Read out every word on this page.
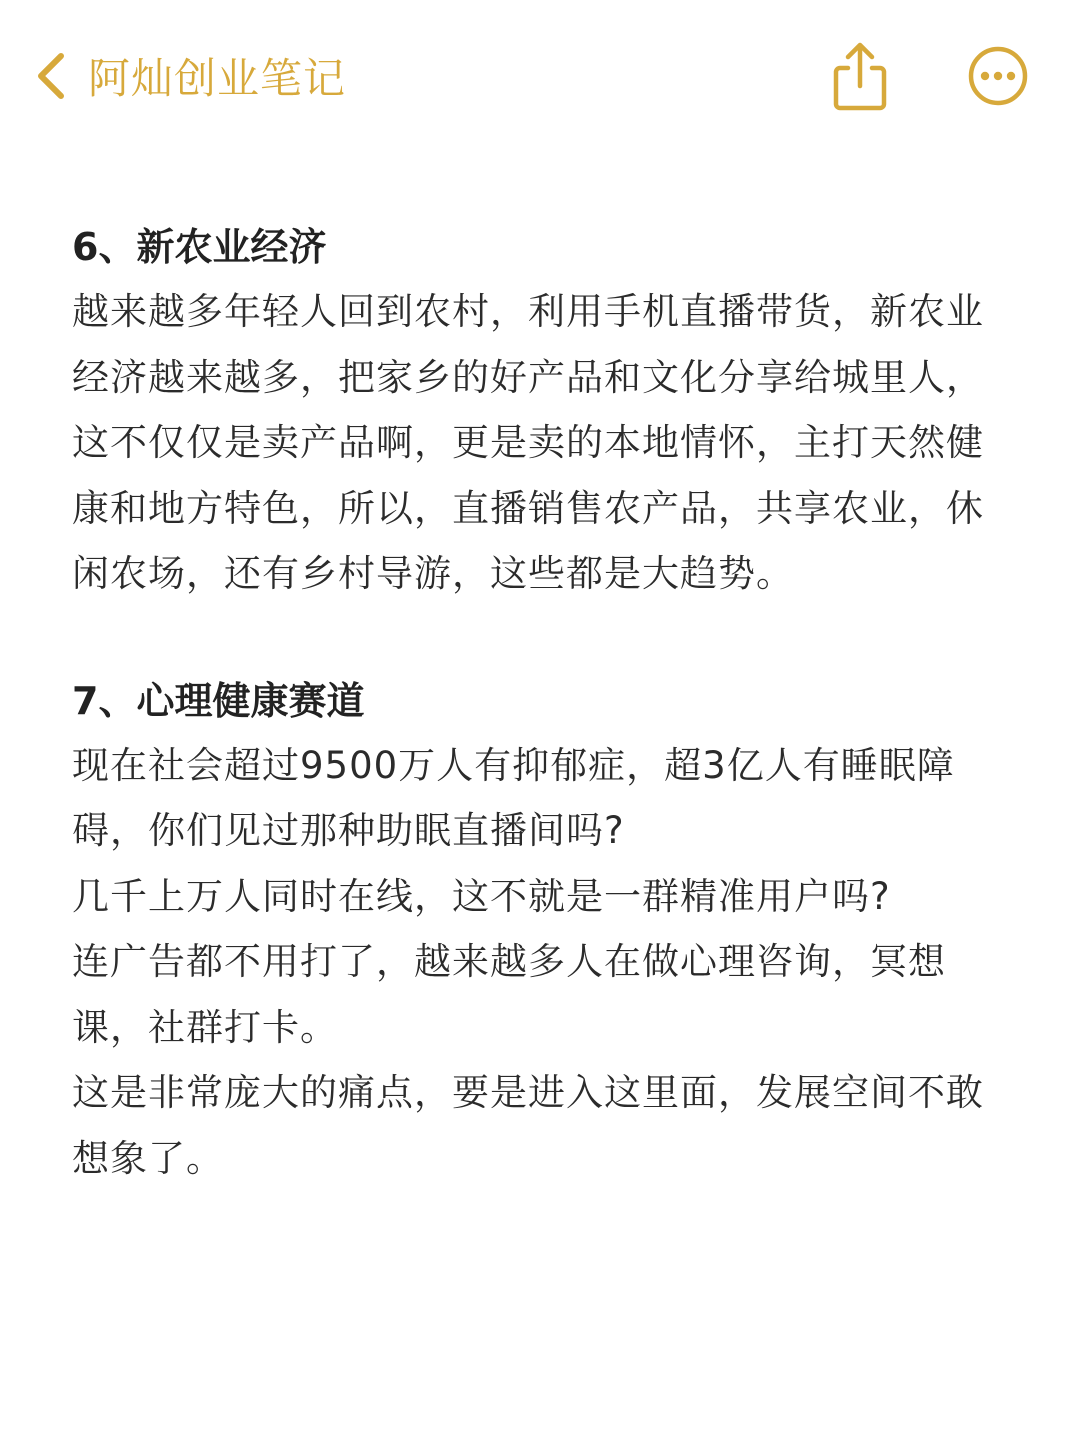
阿灿创业笔记

6、新农业经济

越来越多年轻人回到农村，利用手机直播带货，新农业经济越来越多，把家乡的好产品和文化分享给城里人，这不仅仅是卖产品啊，更是卖的本地情怀，主打天然健康和地方特色，所以，直播销售农产品，共享农业，休闲农场，还有乡村导游，这些都是大趋势。

7、心理健康赛道

现在社会超过9500万人有抑郁症，超3亿人有睡眠障碍，你们见过那种助眠直播间吗?

几千上万人同时在线，这不就是一群精准用户吗?

连广告都不用打了，越来越多人在做心理咨询，冥想课，社群打卡。

这是非常庞大的痛点，要是进入这里面，发展空间不敢想象了。
